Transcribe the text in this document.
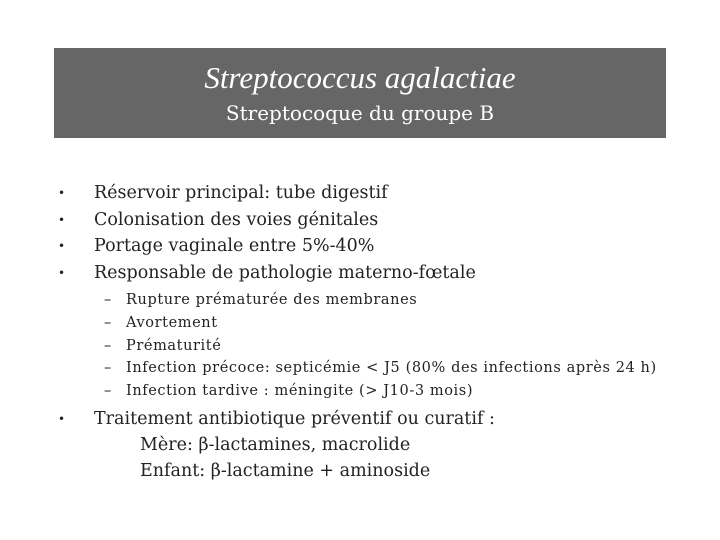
Streptococcus agalactiae
Streptocoque du groupe B
•	Réservoir principal: tube digestif
•	Colonisation des voies génitales
•	Portage vaginale entre 5%-40%
•	Responsable de pathologie materno-fœtale
– Rupture prématurée des membranes
– Avortement
– Prématurité
– Infection précoce: septicémie < J5 (80% des infections après 24 h)
– Infection tardive : méningite (> J10-3 mois)
•	Traitement antibiotique préventif ou curatif :
Mère: β-lactamines, macrolide
Enfant: β-lactamine + aminoside
